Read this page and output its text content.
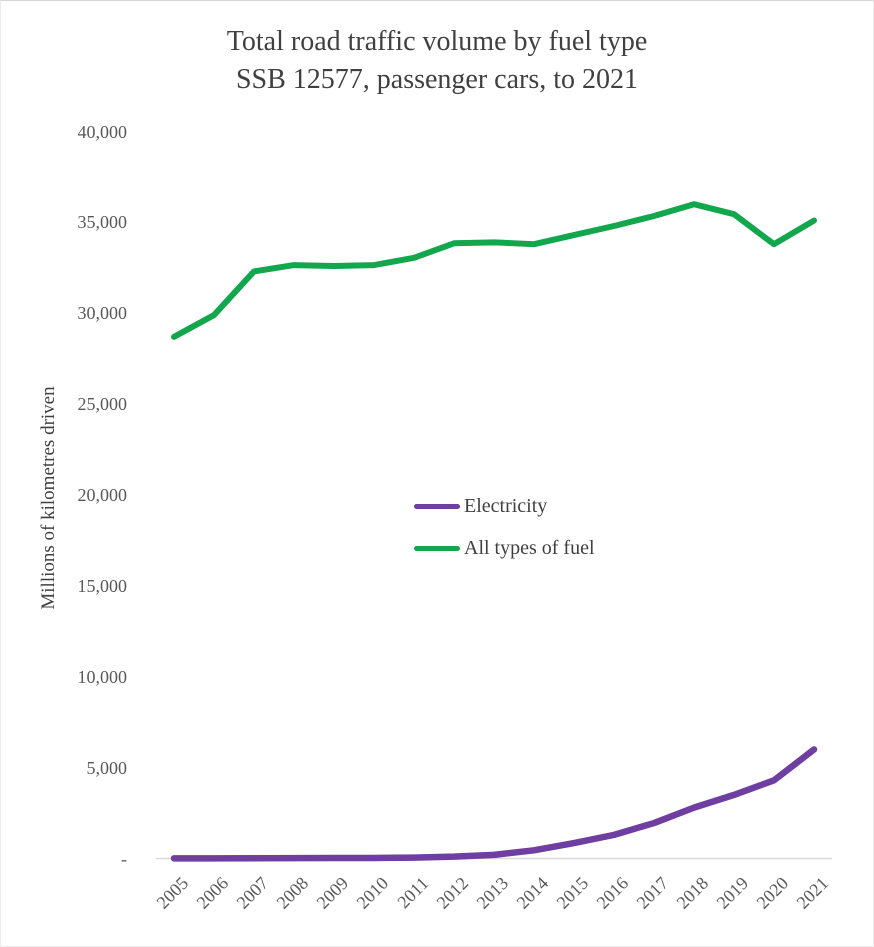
Total road traffic volume by fuel type
SSB 12577, passenger cars, to 2021
Millions of kilometres driven
40,000
35,000
30,000
25,000
20,000
15,000
10,000
5,000
-
2005 2006 2007 2008 2009 2010 2011 2012 2013 2014 2015 2016 2017 2018 2019 2020 2021
Electricity
All types of fuel
